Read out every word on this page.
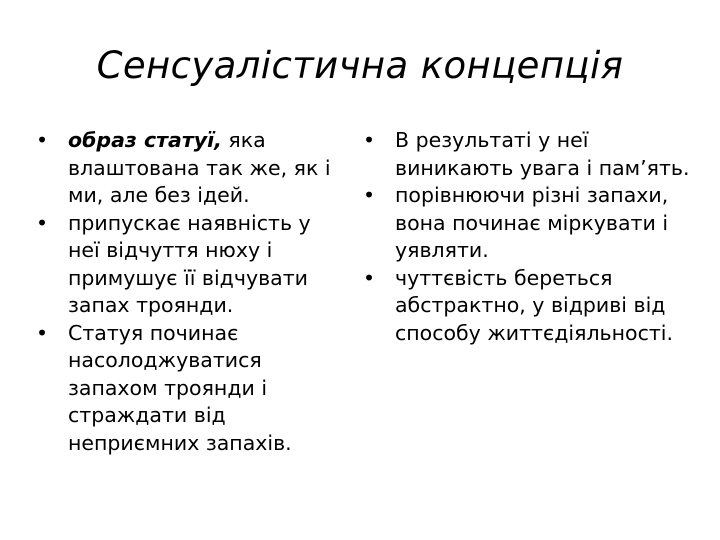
Сенсуалістична концепція
• образ статуї, яка влаштована так же, як і ми, але без ідей.
• припускає наявність у неї відчуття нюху і примушує її відчувати запах троянди.
• Статуя починає насолоджуватися запахом троянди і страждати від неприємних запахів.
• В результаті у неї виникають увага і пам’ять.
• порівнюючи різні запахи, вона починає міркувати і уявляти.
• чуттєвість береться абстрактно, у відриві від способу життєдіяльності.
